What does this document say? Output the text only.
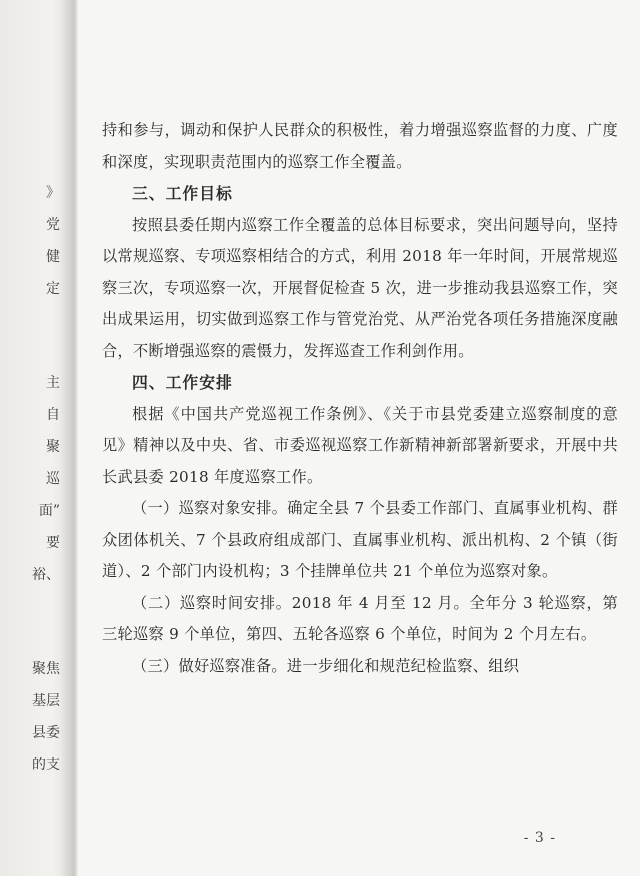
》
党
健
定
主
自
聚
巡
面”
要
裕、
聚焦
基层
县委
的支

持和参与，调动和保护人民群众的积极性，着力增强巡察监督的力度、广度和深度，实现职责范围内的巡察工作全覆盖。

三、工作目标

按照县委任期内巡察工作全覆盖的总体目标要求，突出问题导向，坚持以常规巡察、专项巡察相结合的方式，利用 2018 年一年时间，开展常规巡察三次，专项巡察一次，开展督促检查 5 次，进一步推动我县巡察工作，突出成果运用，切实做到巡察工作与管党治党、从严治党各项任务措施深度融合，不断增强巡察的震慑力，发挥巡查工作利剑作用。

四、工作安排

根据《中国共产党巡视工作条例》、《关于市县党委建立巡察制度的意见》精神以及中央、省、市委巡视巡察工作新精神新部署新要求，开展中共长武县委 2018 年度巡察工作。

（一）巡察对象安排。确定全县 7 个县委工作部门、直属事业机构、群众团体机关、7 个县政府组成部门、直属事业机构、派出机构、2 个镇（街道）、2 个部门内设机构；3 个挂牌单位共 21 个单位为巡察对象。

（二）巡察时间安排。2018 年 4 月至 12 月。全年分 3 轮巡察，第三轮巡察 9 个单位，第四、五轮各巡察 6 个单位，时间为 2 个月左右。

（三）做好巡察准备。进一步细化和规范纪检监察、组织

- 3 -
